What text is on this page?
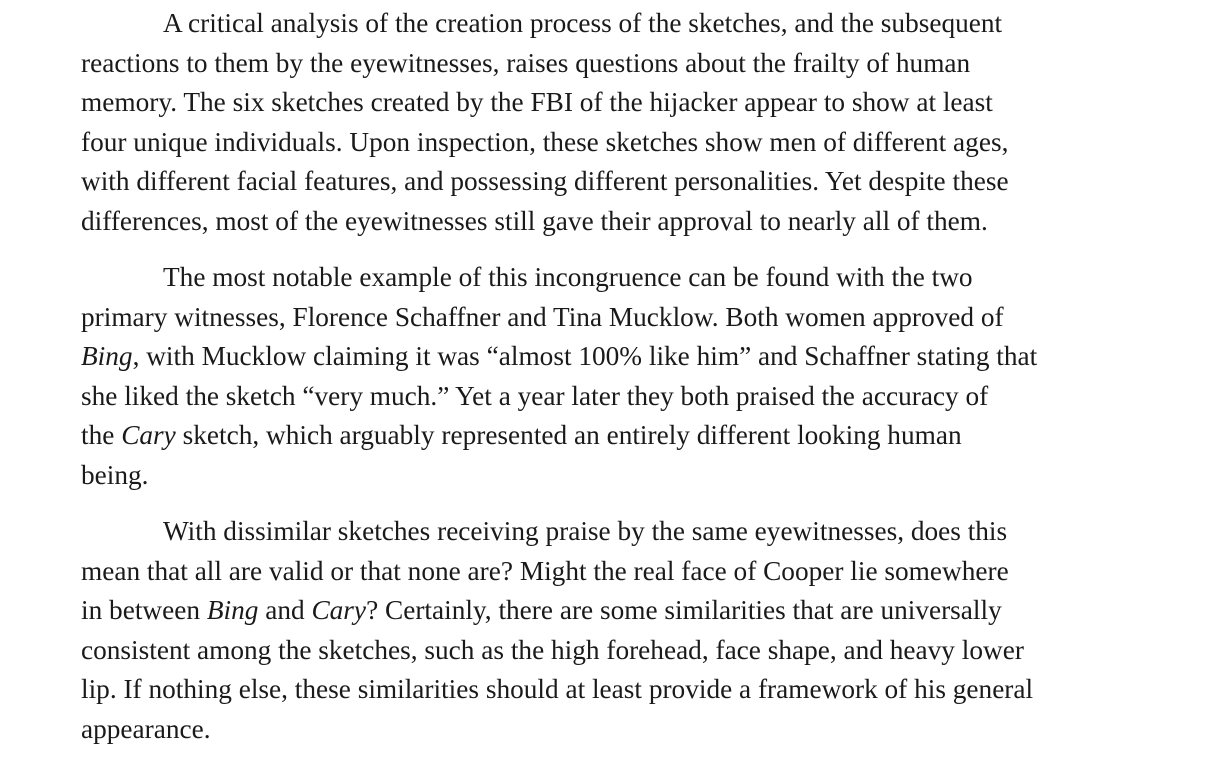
A critical analysis of the creation process of the sketches, and the subsequent
reactions to them by the eyewitnesses, raises questions about the frailty of human
memory. The six sketches created by the FBI of the hijacker appear to show at least
four unique individuals. Upon inspection, these sketches show men of different ages,
with different facial features, and possessing different personalities. Yet despite these
differences, most of the eyewitnesses still gave their approval to nearly all of them.

The most notable example of this incongruence can be found with the two
primary witnesses, Florence Schaffner and Tina Mucklow. Both women approved of
Bing, with Mucklow claiming it was “almost 100% like him” and Schaffner stating that
she liked the sketch “very much.” Yet a year later they both praised the accuracy of
the Cary sketch, which arguably represented an entirely different looking human
being.

With dissimilar sketches receiving praise by the same eyewitnesses, does this
mean that all are valid or that none are? Might the real face of Cooper lie somewhere
in between Bing and Cary? Certainly, there are some similarities that are universally
consistent among the sketches, such as the high forehead, face shape, and heavy lower
lip. If nothing else, these similarities should at least provide a framework of his general
appearance.
